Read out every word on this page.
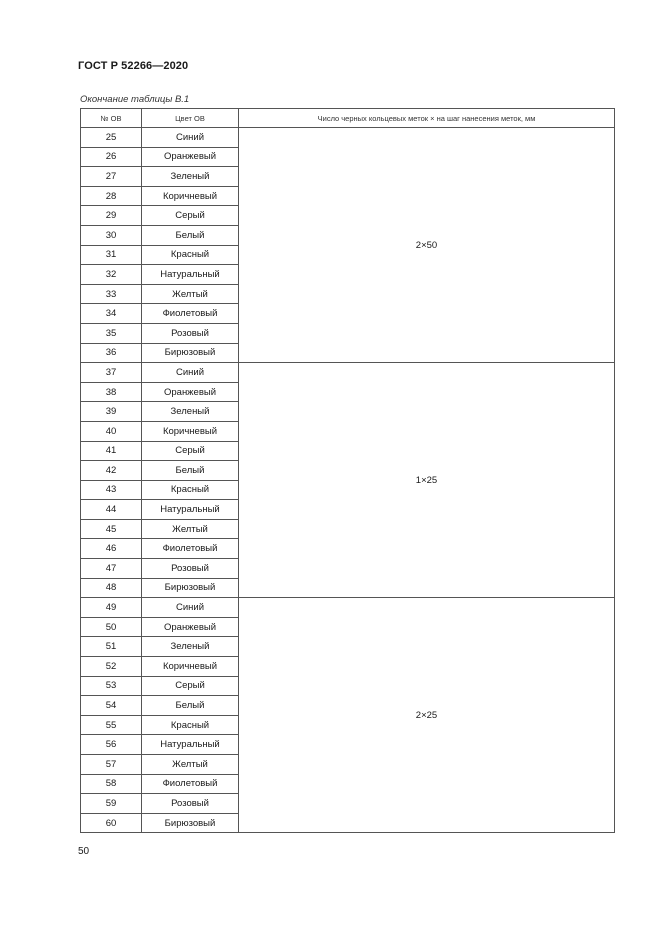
ГОСТ Р 52266—2020
Окончание таблицы В.1
№ ОВ	Цвет ОВ	Число черных кольцевых меток × на шаг нанесения меток, мм
25	Синий	2×50
26	Оранжевый	
27	Зеленый	
28	Коричневый	
29	Серый	
30	Белый	
31	Красный	
32	Натуральный	
33	Желтый	
34	Фиолетовый	
35	Розовый	
36	Бирюзовый	
37	Синий	1×25
38	Оранжевый	
39	Зеленый	
40	Коричневый	
41	Серый	
42	Белый	
43	Красный	
44	Натуральный	
45	Желтый	
46	Фиолетовый	
47	Розовый	
48	Бирюзовый	
49	Синий	2×25
50	Оранжевый	
51	Зеленый	
52	Коричневый	
53	Серый	
54	Белый	
55	Красный	
56	Натуральный	
57	Желтый	
58	Фиолетовый	
59	Розовый	
60	Бирюзовый	
50
